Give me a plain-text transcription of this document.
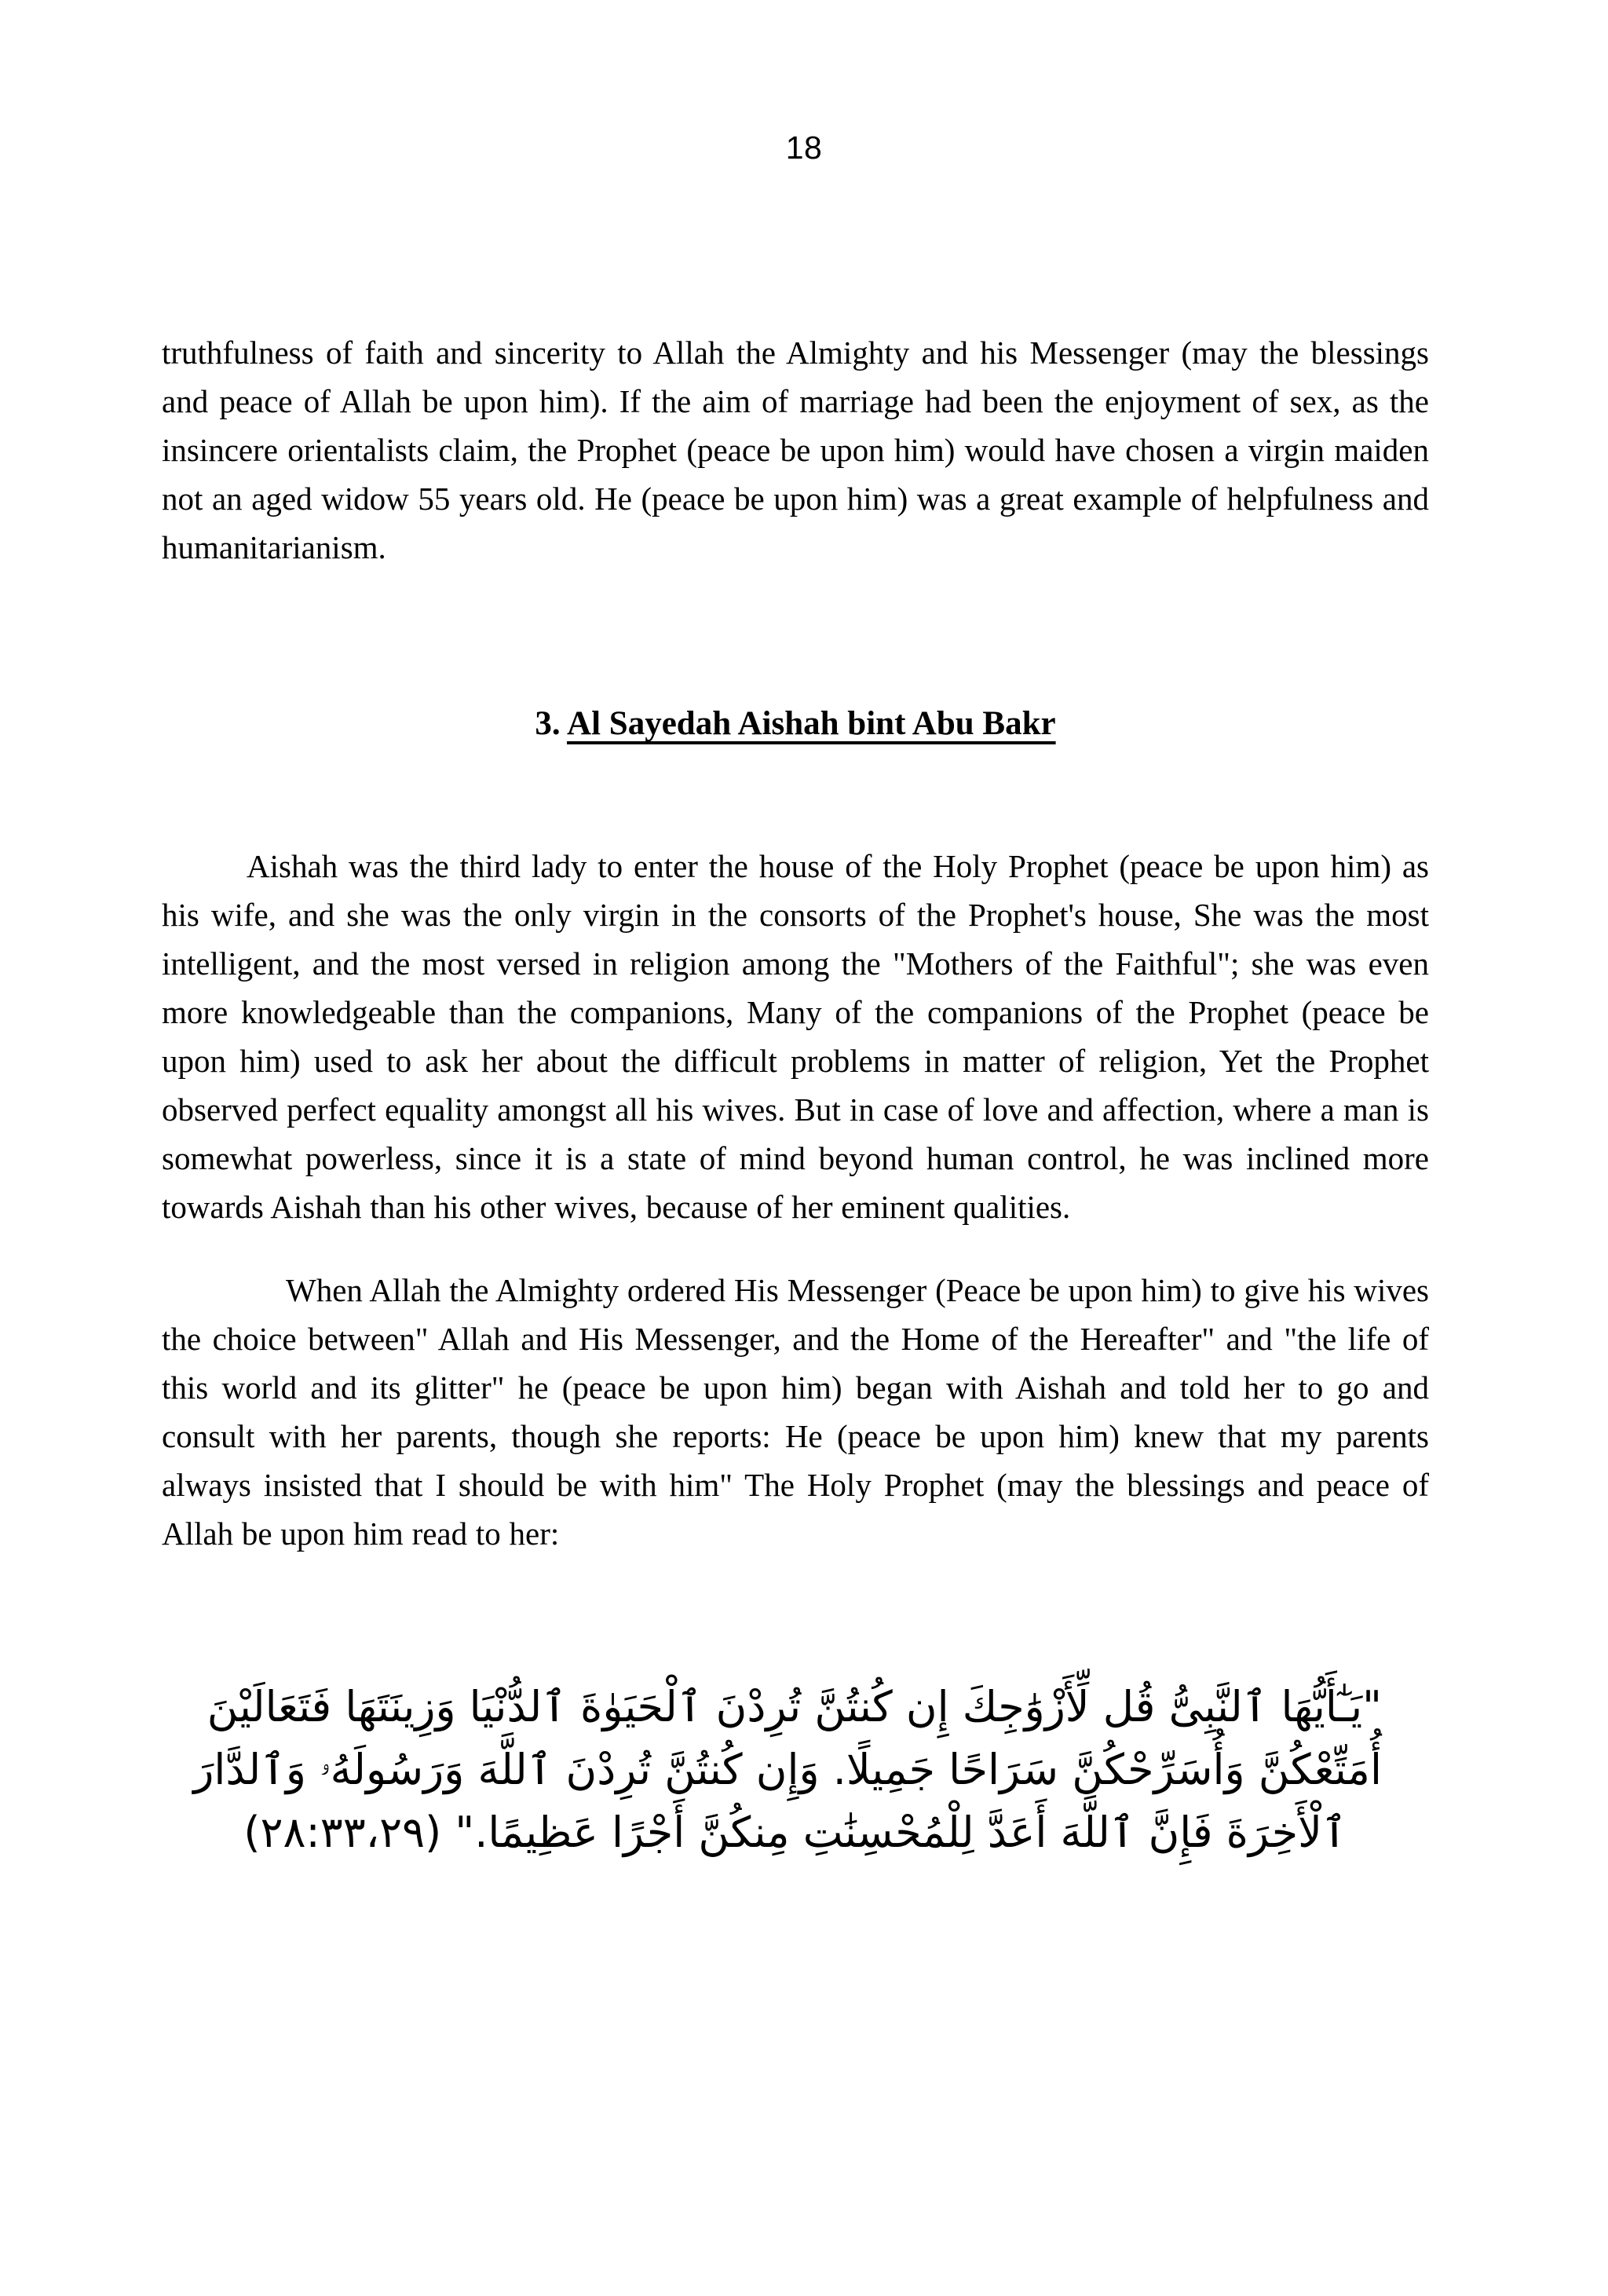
18

truthfulness of faith and sincerity to Allah the Almighty and his Messenger (may the blessings and peace of Allah be upon him). If the aim of marriage had been the enjoyment of sex, as the insincere orientalists claim, the Prophet (peace be upon him) would have chosen a virgin maiden not an aged widow 55 years old. He (peace be upon him) was a great example of helpfulness and humanitarianism.

3. Al Sayedah Aishah bint Abu Bakr

Aishah was the third lady to enter the house of the Holy Prophet (peace be upon him) as his wife, and she was the only virgin in the consorts of the Prophet's house, She was the most intelligent, and the most versed in religion among the "Mothers of the Faithful"; she was even more knowledgeable than the companions, Many of the companions of the Prophet (peace be upon him) used to ask her about the difficult problems in matter of religion, Yet the Prophet observed perfect equality amongst all his wives. But in case of love and affection, where a man is somewhat powerless, since it is a state of mind beyond human control, he was inclined more towards Aishah than his other wives, because of her eminent qualities.

When Allah the Almighty ordered His Messenger (Peace be upon him) to give his wives the choice between" Allah and His Messenger, and the Home of the Hereafter" and "the life of this world and its glitter" he (peace be upon him) began with Aishah and told her to go and consult with her parents, though she reports: He (peace be upon him) knew that my parents always insisted that I should be with him" The Holy Prophet (may the blessings and peace of Allah be upon him read to her:

"يَـٰٓأَيُّهَا ٱلنَّبِىُّ قُل لِّأَزْوَٰجِكَ إِن كُنتُنَّ تُرِدْنَ ٱلْحَيَوٰةَ ٱلدُّنْيَا وَزِينَتَهَا فَتَعَالَيْنَ
أُمَتِّعْكُنَّ وَأُسَرِّحْكُنَّ سَرَاحًا جَمِيلًا. وَإِن كُنتُنَّ تُرِدْنَ ٱللَّهَ وَرَسُولَهُۥ وَٱلدَّارَ
ٱلْأَخِرَةَ فَإِنَّ ٱللَّهَ أَعَدَّ لِلْمُحْسِنَٰتِ مِنكُنَّ أَجْرًا عَظِيمًا." (٢٨:٣٣،٢٩)
